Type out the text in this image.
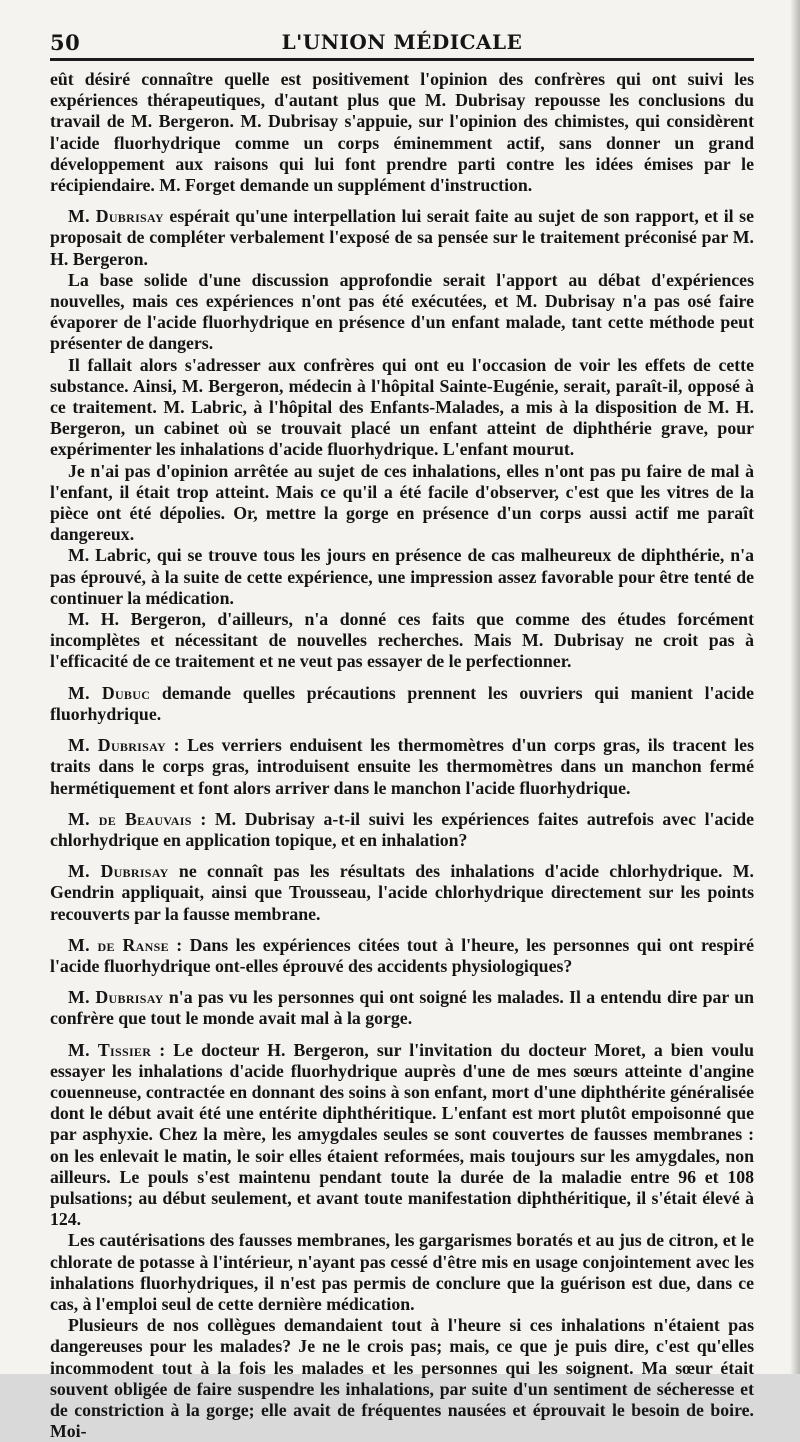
50	L'UNION MÉDICALE

eût désiré connaître quelle est positivement l'opinion des confrères qui ont suivi les expériences thérapeutiques, d'autant plus que M. Dubrisay repousse les conclusions du travail de M. Bergeron. M. Dubrisay s'appuie, sur l'opinion des chimistes, qui considèrent l'acide fluorhydrique comme un corps éminemment actif, sans donner un grand développement aux raisons qui lui font prendre parti contre les idées émises par le récipiendaire. M. Forget demande un supplément d'instruction.

M. Dubrisay espérait qu'une interpellation lui serait faite au sujet de son rapport, et il se proposait de compléter verbalement l'exposé de sa pensée sur le traitement préconisé par M. H. Bergeron.

La base solide d'une discussion approfondie serait l'apport au débat d'expériences nouvelles, mais ces expériences n'ont pas été exécutées, et M. Dubrisay n'a pas osé faire évaporer de l'acide fluorhydrique en présence d'un enfant malade, tant cette méthode peut présenter de dangers.

Il fallait alors s'adresser aux confrères qui ont eu l'occasion de voir les effets de cette substance. Ainsi, M. Bergeron, médecin à l'hôpital Sainte-Eugénie, serait, paraît-il, opposé à ce traitement. M. Labric, à l'hôpital des Enfants-Malades, a mis à la disposition de M. H. Bergeron, un cabinet où se trouvait placé un enfant atteint de diphthérie grave, pour expérimenter les inhalations d'acide fluorhydrique. L'enfant mourut.

Je n'ai pas d'opinion arrêtée au sujet de ces inhalations, elles n'ont pas pu faire de mal à l'enfant, il était trop atteint. Mais ce qu'il a été facile d'observer, c'est que les vitres de la pièce ont été dépolies. Or, mettre la gorge en présence d'un corps aussi actif me paraît dangereux.

M. Labric, qui se trouve tous les jours en présence de cas malheureux de diphthérie, n'a pas éprouvé, à la suite de cette expérience, une impression assez favorable pour être tenté de continuer la médication.

M. H. Bergeron, d'ailleurs, n'a donné ces faits que comme des études forcément incomplètes et nécessitant de nouvelles recherches. Mais M. Dubrisay ne croit pas à l'efficacité de ce traitement et ne veut pas essayer de le perfectionner.

M. Dubuc demande quelles précautions prennent les ouvriers qui manient l'acide fluorhydrique.

M. Dubrisay : Les verriers enduisent les thermomètres d'un corps gras, ils tracent les traits dans le corps gras, introduisent ensuite les thermomètres dans un manchon fermé hermétiquement et font alors arriver dans le manchon l'acide fluorhydrique.

M. de Beauvais : M. Dubrisay a-t-il suivi les expériences faites autrefois avec l'acide chlorhydrique en application topique, et en inhalation?

M. Dubrisay ne connaît pas les résultats des inhalations d'acide chlorhydrique. M. Gendrin appliquait, ainsi que Trousseau, l'acide chlorhydrique directement sur les points recouverts par la fausse membrane.

M. de Ranse : Dans les expériences citées tout à l'heure, les personnes qui ont respiré l'acide fluorhydrique ont-elles éprouvé des accidents physiologiques?

M. Dubrisay n'a pas vu les personnes qui ont soigné les malades. Il a entendu dire par un confrère que tout le monde avait mal à la gorge.

M. Tissier : Le docteur H. Bergeron, sur l'invitation du docteur Moret, a bien voulu essayer les inhalations d'acide fluorhydrique auprès d'une de mes sœurs atteinte d'angine couenneuse, contractée en donnant des soins à son enfant, mort d'une diphthérite généralisée dont le début avait été une entérite diphthéritique. L'enfant est mort plutôt empoisonné que par asphyxie. Chez la mère, les amygdales seules se sont couvertes de fausses membranes : on les enlevait le matin, le soir elles étaient reformées, mais toujours sur les amygdales, non ailleurs. Le pouls s'est maintenu pendant toute la durée de la maladie entre 96 et 108 pulsations; au début seulement, et avant toute manifestation diphthéritique, il s'était élevé à 124.

Les cautérisations des fausses membranes, les gargarismes boratés et au jus de citron, et le chlorate de potasse à l'intérieur, n'ayant pas cessé d'être mis en usage conjointement avec les inhalations fluorhydriques, il n'est pas permis de conclure que la guérison est due, dans ce cas, à l'emploi seul de cette dernière médication.

Plusieurs de nos collègues demandaient tout à l'heure si ces inhalations n'étaient pas dangereuses pour les malades? Je ne le crois pas; mais, ce que je puis dire, c'est qu'elles incommodent tout à la fois les malades et les personnes qui les soignent. Ma sœur était souvent obligée de faire suspendre les inhalations, par suite d'un sentiment de sécheresse et de constriction à la gorge; elle avait de fréquentes nausées et éprouvait le besoin de boire. Moi-
